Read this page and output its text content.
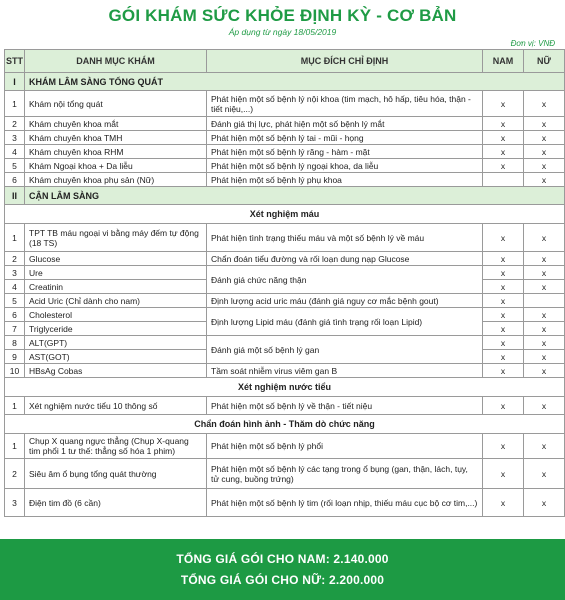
GÓI KHÁM SỨC KHỎE ĐỊNH KỲ - CƠ BẢN
Áp dụng từ ngày 18/05/2019
Đơn vị: VNĐ
STT	DANH MỤC KHÁM	MỤC ĐÍCH CHỈ ĐỊNH	NAM	NỮ
I	KHÁM LÂM SÀNG TỔNG QUÁT			
1	Khám nội tổng quát	Phát hiện một số bệnh lý nội khoa (tim mạch, hô hấp, tiêu hóa, thận - tiết niệu,...)	x	x
2	Khám chuyên khoa mắt	Đánh giá thị lực, phát hiện một số bệnh lý mắt	x	x
3	Khám chuyên khoa TMH	Phát hiện một số bệnh lý tai - mũi - họng	x	x
4	Khám chuyên khoa RHM	Phát hiện một số bệnh lý răng - hàm - mặt	x	x
5	Khám Ngoại khoa + Da liễu	Phát hiện một số bệnh lý ngoại khoa, da liễu	x	x
6	Khám chuyên khoa phụ sản (Nữ)	Phát hiện một số bệnh lý phụ khoa		x
II	CẬN LÂM SÀNG			
Xét nghiệm máu				
1	TPT TB máu ngoại vi bằng máy đếm tự động (18 TS)	Phát hiện tình trạng thiếu máu và một số bệnh lý về máu	x	x
2	Glucose	Chẩn đoán tiểu đường và rối loạn dung nạp Glucose	x	x
3	Ure	Đánh giá chức năng thận	x	x
4	Creatinin		x	x
5	Acid Uric (Chỉ dành cho nam)	Định lượng acid uric máu (đánh giá nguy cơ mắc bệnh gout)	x	
6	Cholesterol	Định lượng Lipid máu (đánh giá tình trạng rối loạn Lipid)	x	x
7	Triglyceride		x	x
8	ALT(GPT)	Đánh giá một số bệnh lý gan	x	x
9	AST(GOT)		x	x
10	HBsAg Cobas	Tầm soát nhiễm virus viêm gan B	x	x
Xét nghiệm nước tiểu				
1	Xét nghiệm nước tiểu 10 thông số	Phát hiện một số bệnh lý về thận - tiết niệu	x	x
Chẩn đoán hình ảnh - Thăm dò chức năng				
1	Chụp X quang ngực thẳng (Chụp X-quang tim phổi 1 tư thế: thẳng số hóa 1 phim)	Phát hiện một số bệnh lý phổi	x	x
2	Siêu âm ổ bụng tổng quát thường	Phát hiện một số bệnh lý các tạng trong ổ bụng (gan, thận, lách, tụy, tử cung, buồng trứng)	x	x
3	Điện tim đồ (6 cần)	Phát hiện một số bệnh lý tim (rối loạn nhịp, thiếu máu cục bộ cơ tim,...)	x	x
TỔNG GIÁ GÓI CHO NAM: 2.140.000
TỔNG GIÁ GÓI CHO NỮ: 2.200.000
